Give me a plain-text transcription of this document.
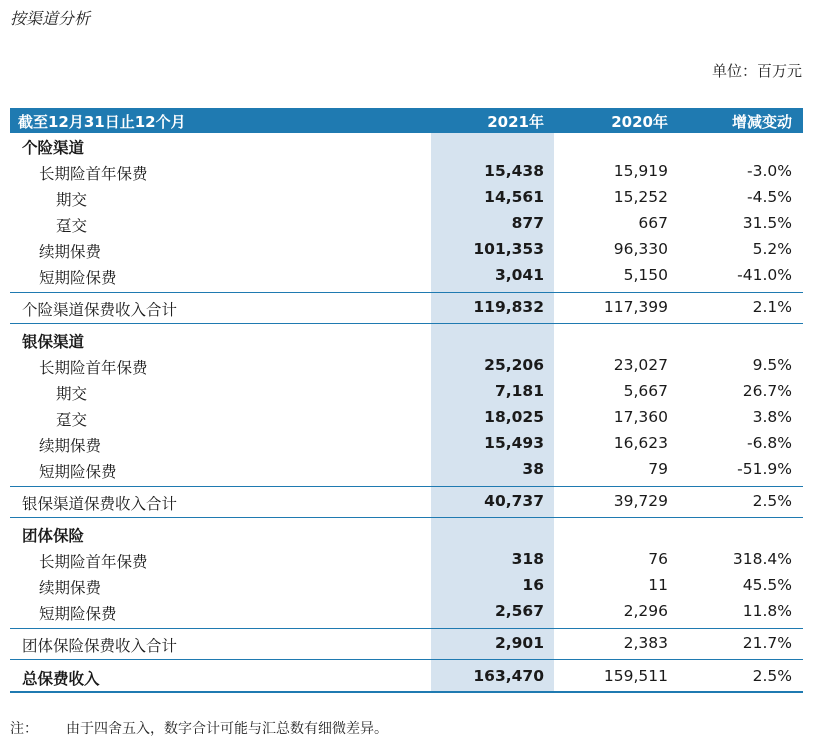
按渠道分析
单位：百万元
截至12月31日止12个月	2021年	2020年	增减变动
个险渠道
长期险首年保费	15,438	15,919	-3.0%
期交	14,561	15,252	-4.5%
趸交	877	667	31.5%
续期保费	101,353	96,330	5.2%
短期险保费	3,041	5,150	-41.0%
个险渠道保费收入合计	119,832	117,399	2.1%
银保渠道
长期险首年保费	25,206	23,027	9.5%
期交	7,181	5,667	26.7%
趸交	18,025	17,360	3.8%
续期保费	15,493	16,623	-6.8%
短期险保费	38	79	-51.9%
银保渠道保费收入合计	40,737	39,729	2.5%
团体保险
长期险首年保费	318	76	318.4%
续期保费	16	11	45.5%
短期险保费	2,567	2,296	11.8%
团体保险保费收入合计	2,901	2,383	21.7%
总保费收入	163,470	159,511	2.5%
注： 由于四舍五入，数字合计可能与汇总数有细微差异。
